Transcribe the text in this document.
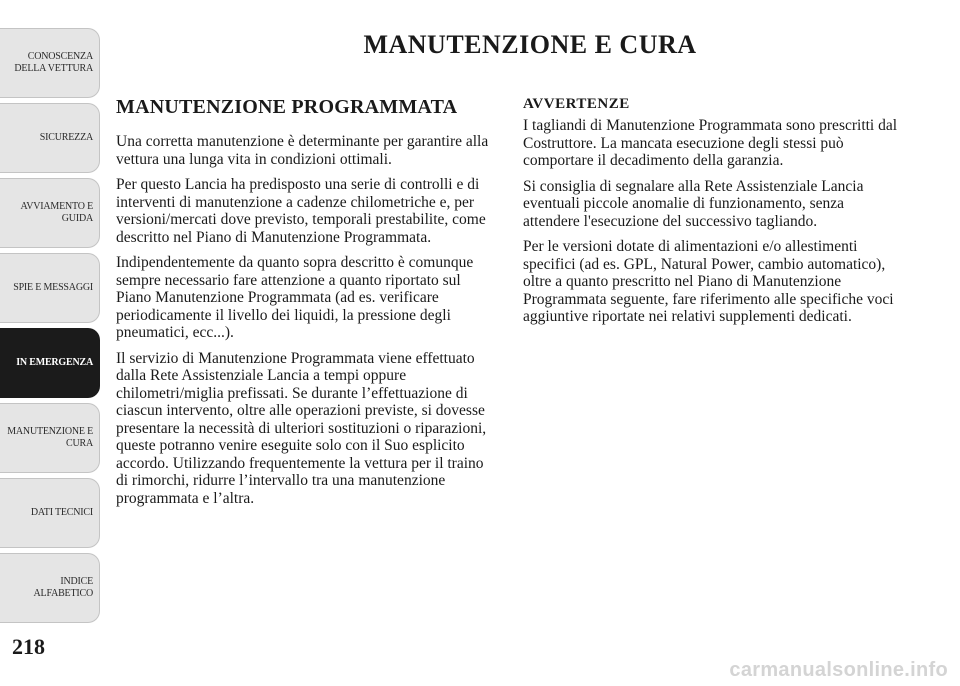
CONOSCENZA
DELLA VETTURA
SICUREZZA
AVVIAMENTO E
GUIDA
SPIE E MESSAGGI
IN EMERGENZA
MANUTENZIONE E
CURA
DATI TECNICI
INDICE
ALFABETICO
218
MANUTENZIONE E CURA
MANUTENZIONE PROGRAMMATA

Una corretta manutenzione è determinante per garantire alla vettura una lunga vita in condizioni ottimali.

Per questo Lancia ha predisposto una serie di controlli e di interventi di manutenzione a cadenze chilometriche e, per versioni/mercati dove previsto, temporali prestabilite, come descritto nel Piano di Manutenzione Programmata.

Indipendentemente da quanto sopra descritto è comunque sempre necessario fare attenzione a quanto riportato sul Piano Manutenzione Programmata (ad es. verificare periodicamente il livello dei liquidi, la pressione degli pneumatici, ecc...).

Il servizio di Manutenzione Programmata viene effettuato dalla Rete Assistenziale Lancia a tempi oppure chilometri/miglia prefissati. Se durante l’effettuazione di ciascun intervento, oltre alle operazioni previste, si dovesse presentare la necessità di ulteriori sostituzioni o riparazioni, queste potranno venire eseguite solo con il Suo esplicito accordo. Utilizzando frequentemente la vettura per il traino di rimorchi, ridurre l’intervallo tra una manutenzione programmata e l’altra.

AVVERTENZE

I tagliandi di Manutenzione Programmata sono prescritti dal Costruttore. La mancata esecuzione degli stessi può comportare il decadimento della garanzia.

Si consiglia di segnalare alla Rete Assistenziale Lancia eventuali piccole anomalie di funzionamento, senza attendere l'esecuzione del successivo tagliando.

Per le versioni dotate di alimentazioni e/o allestimenti specifici (ad es. GPL, Natural Power, cambio automatico), oltre a quanto prescritto nel Piano di Manutenzione Programmata seguente, fare riferimento alle specifiche voci aggiuntive riportate nei relativi supplementi dedicati.

carmanualsonline.info
